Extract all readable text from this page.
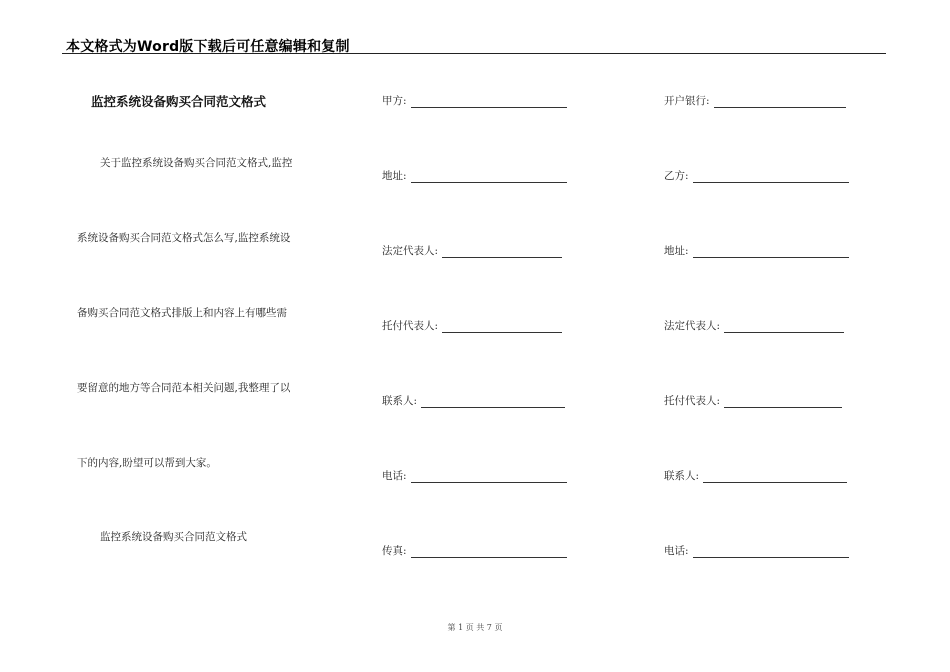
本文格式为Word版下载后可任意编辑和复制
监控系统设备购买合同范文格式
关于监控系统设备购买合同范文格式,监控
系统设备购买合同范文格式怎么写,监控系统设
备购买合同范文格式排版上和内容上有哪些需
要留意的地方等合同范本相关问题,我整理了以
下的内容,盼望可以帮到大家。
监控系统设备购买合同范文格式
甲方:
地址:
法定代表人:
托付代表人:
联系人:
电话:
传真:
开户银行:
乙方:
地址:
法定代表人:
托付代表人:
联系人:
电话:
第 1 页 共 7 页
